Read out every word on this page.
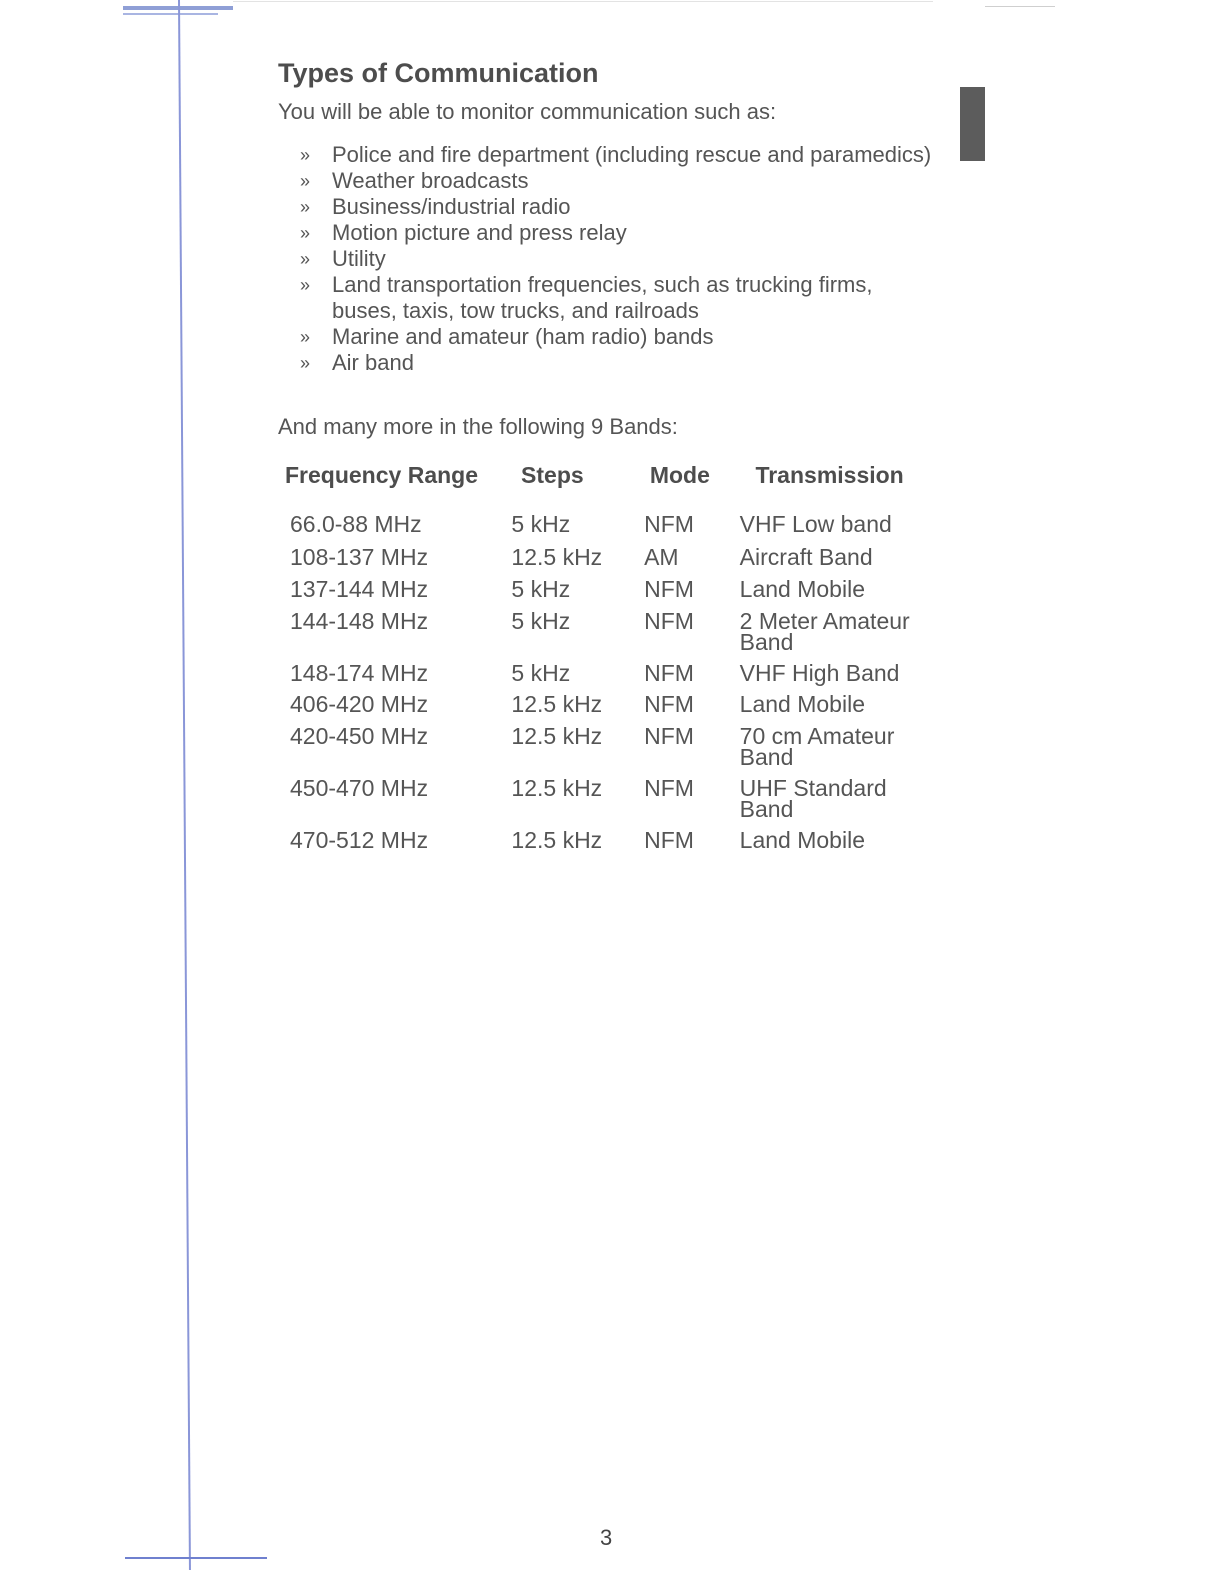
Types of Communication

You will be able to monitor communication such as:

» Police and fire department (including rescue and paramedics)
» Weather broadcasts
» Business/industrial radio
» Motion picture and press relay
» Utility
» Land transportation frequencies, such as trucking firms, buses, taxis, tow trucks, and railroads
» Marine and amateur (ham radio) bands
» Air band

And many more in the following 9 Bands:

Frequency Range	Steps	Mode	Transmission
66.0-88 MHz	5 kHz	NFM	VHF Low band
108-137 MHz	12.5 kHz	AM	Aircraft Band
137-144 MHz	5 kHz	NFM	Land Mobile
144-148 MHz	5 kHz	NFM	2 Meter Amateur Band
148-174 MHz	5 kHz	NFM	VHF High Band
406-420 MHz	12.5 kHz	NFM	Land Mobile
420-450 MHz	12.5 kHz	NFM	70 cm Amateur Band
450-470 MHz	12.5 kHz	NFM	UHF Standard Band
470-512 MHz	12.5 kHz	NFM	Land Mobile
3
